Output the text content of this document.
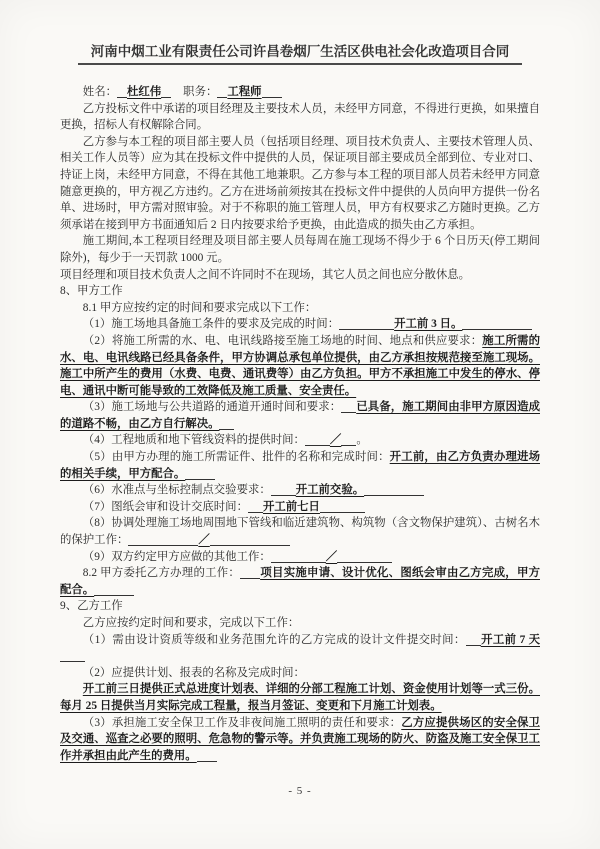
河南中烟工业有限责任公司许昌卷烟厂生活区供电社会化改造项目合同

姓名： 杜红伟 职务： 工程师

乙方投标文件中承诺的项目经理及主要技术人员，未经甲方同意，不得进行更换，如果擅自更换，招标人有权解除合同。

乙方参与本工程的项目部主要人员（包括项目经理、项目技术负责人、主要技术管理人员、相关工作人员等）应为其在投标文件中提供的人员，保证项目部主要成员全部到位、专业对口、持证上岗，未经甲方同意，不得在其他工地兼职。乙方参与本工程的项目部人员若未经甲方同意随意更换的，甲方视乙方违约。乙方在进场前须按其在投标文件中提供的人员向甲方提供一份名单、进场时，甲方需对照审验。对于不称职的施工管理人员，甲方有权要求乙方随时更换。乙方须承诺在接到甲方书面通知后 2 日内按要求给予更换，由此造成的损失由乙方承担。

施工期间,本工程项目经理及项目部主要人员每周在施工现场不得少于 6 个日历天(停工期间除外)，每少于一天罚款 1000 元。

项目经理和项目技术负责人之间不许同时不在现场，其它人员之间也应分散休息。

8、甲方工作

8.1 甲方应按约定的时间和要求完成以下工作：

（1）施工场地具备施工条件的要求及完成的时间：	开工前 3 日。

（2）将施工所需的水、电、电讯线路接至施工场地的时间、地点和供应要求：施工所需的水、电、电讯线路已经具备条件，甲方协调总承包单位提供，由乙方承担按规范接至施工现场。施工中所产生的费用（水费、电费、通讯费等）由乙方负担。甲方不承担施工中发生的停水、停电、通讯中断可能导致的工效降低及施工质量、安全责任。

（3）施工场地与公共道路的通道开通时间和要求： 已具备，施工期间由非甲方原因造成的道路不畅，由乙方自行解决。

（4）工程地质和地下管线资料的提供时间： ／ 。

（5）由甲方办理的施工所需证件、批件的名称和完成时间：开工前，由乙方负责办理进场的相关手续，甲方配合。

（6）水准点与坐标控制点交验要求： 开工前交验。

（7）图纸会审和设计交底时间： 开工前七日

（8）协调处理施工场地周围地下管线和临近建筑物、构筑物（含文物保护建筑）、古树名木的保护工作：	／

（9）双方约定甲方应做的其他工作：	／

8.2 甲方委托乙方办理的工作： 项目实施申请、设计优化、图纸会审由乙方完成，甲方配合。

9、乙方工作

乙方应按约定时间和要求，完成以下工作：

（1）需由设计资质等级和业务范围允许的乙方完成的设计文件提交时间： 开工前 7 天

（2）应提供计划、报表的名称及完成时间：

开工前三日提供正式总进度计划表、详细的分部工程施工计划、资金使用计划等一式三份。每月 25 日提供当月实际完成工程量，报当月签证、变更和下月施工计划表。

（3）承担施工安全保卫工作及非夜间施工照明的责任和要求：乙方应提供场区的安全保卫及交通、巡查之必要的照明、危急物的警示等。并负责施工现场的防火、防盗及施工安全保卫工作并承担由此产生的费用。

- 5 -
